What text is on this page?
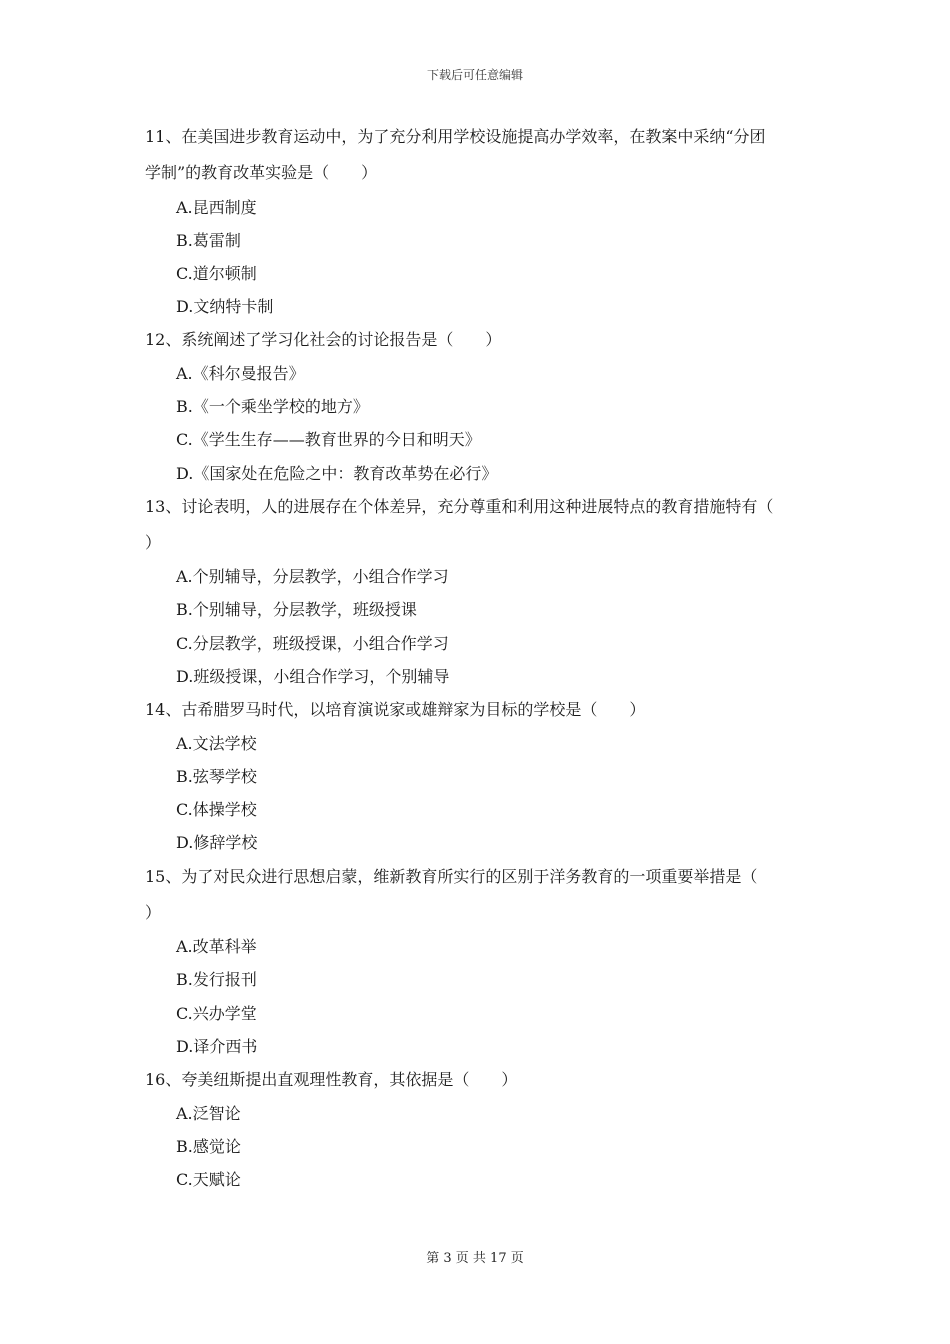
下载后可任意编辑
11、在美国进步教育运动中，为了充分利用学校设施提高办学效率，在教案中采纳“分团
学制”的教育改革实验是（　　）
A.昆西制度
B.葛雷制
C.道尔顿制
D.文纳特卡制
12、系统阐述了学习化社会的讨论报告是（　　）
A.《科尔曼报告》
B.《一个乘坐学校的地方》
C.《学生生存——教育世界的今日和明天》
D.《国家处在危险之中：教育改革势在必行》
13、讨论表明，人的进展存在个体差异，充分尊重和利用这种进展特点的教育措施特有（
）
A.个别辅导，分层教学，小组合作学习
B.个别辅导，分层教学，班级授课
C.分层教学，班级授课，小组合作学习
D.班级授课，小组合作学习，个别辅导
14、古希腊罗马时代，以培育演说家或雄辩家为目标的学校是（　　）
A.文法学校
B.弦琴学校
C.体操学校
D.修辞学校
15、为了对民众进行思想启蒙，维新教育所实行的区别于洋务教育的一项重要举措是（
）
A.改革科举
B.发行报刊
C.兴办学堂
D.译介西书
16、夸美纽斯提出直观理性教育，其依据是（　　）
A.泛智论
B.感觉论
C.天赋论
第 3 页 共 17 页
